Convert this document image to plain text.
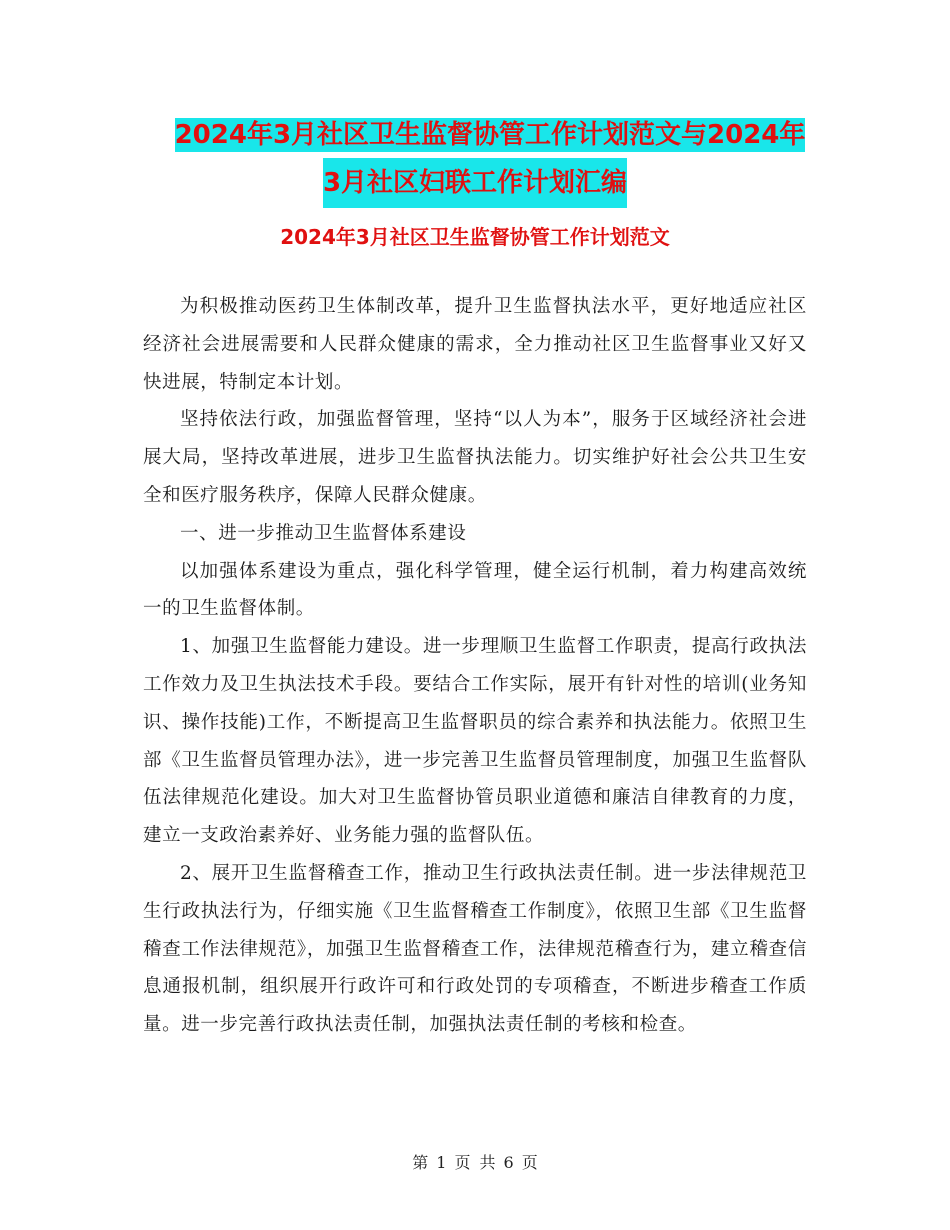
2024年3月社区卫生监督协管工作计划范文与2024年
3月社区妇联工作计划汇编
2024年3月社区卫生监督协管工作计划范文

为积极推动医药卫生体制改革，提升卫生监督执法水平，更好地适应社区经济社会进展需要和人民群众健康的需求，全力推动社区卫生监督事业又好又快进展，特制定本计划。

坚持依法行政，加强监督管理，坚持“以人为本”，服务于区域经济社会进展大局，坚持改革进展，进步卫生监督执法能力。切实维护好社会公共卫生安全和医疗服务秩序，保障人民群众健康。

一、进一步推动卫生监督体系建设

以加强体系建设为重点，强化科学管理，健全运行机制，着力构建高效统一的卫生监督体制。

1、加强卫生监督能力建设。进一步理顺卫生监督工作职责，提高行政执法工作效力及卫生执法技术手段。要结合工作实际，展开有针对性的培训(业务知识、操作技能)工作，不断提高卫生监督职员的综合素养和执法能力。依照卫生部《卫生监督员管理办法》，进一步完善卫生监督员管理制度，加强卫生监督队伍法律规范化建设。加大对卫生监督协管员职业道德和廉洁自律教育的力度，建立一支政治素养好、业务能力强的监督队伍。

2、展开卫生监督稽查工作，推动卫生行政执法责任制。进一步法律规范卫生行政执法行为，仔细实施《卫生监督稽查工作制度》，依照卫生部《卫生监督稽查工作法律规范》，加强卫生监督稽查工作，法律规范稽查行为，建立稽查信息通报机制，组织展开行政许可和行政处罚的专项稽查，不断进步稽查工作质量。进一步完善行政执法责任制，加强执法责任制的考核和检查。

第 1 页 共 6 页
